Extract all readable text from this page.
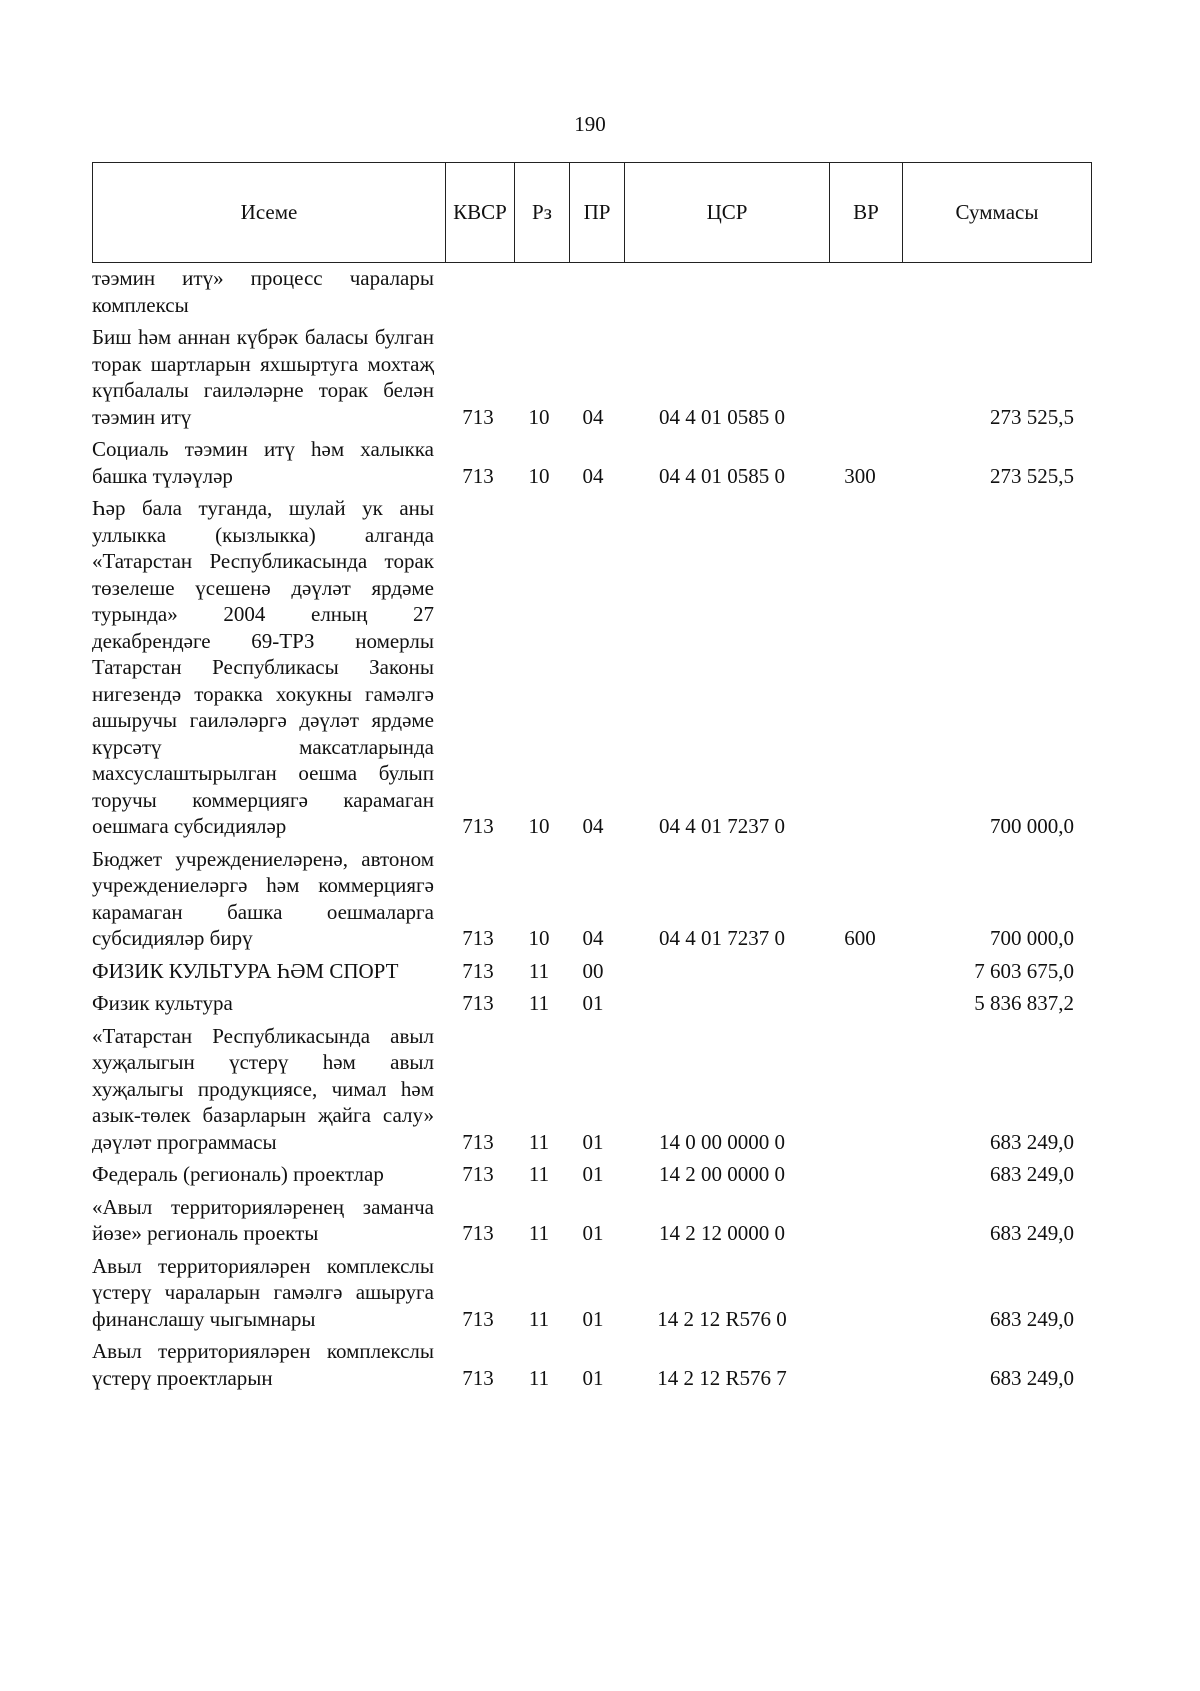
190
Исеме	КВСР	Рз	ПР	ЦСР	ВР	Суммасы
тәэмин итү» процесс чаралары комплексы						
Биш һәм аннан күбрәк баласы булган торак шартларын яхшыртуга мохтаҗ күпбалалы гаиләләрне торак белән тәэмин итү	713	10	04	04 4 01 0585 0		273 525,5
Социаль тәэмин итү һәм халыкка башка түләүләр	713	10	04	04 4 01 0585 0	300	273 525,5
Һәр бала туганда, шулай ук аны уллыкка (кызлыкка) алганда «Татарстан Республикасында торак төзелеше үсешенә дәүләт ярдәме турында» 2004 елның 27 декабрендәге 69-ТРЗ номерлы Татарстан Республикасы Законы нигезендә торакка хокукны гамәлгә ашыручы гаиләләргә дәүләт ярдәме күрсәтү максатларында махсуслаштырылган оешма булып торучы коммерциягә карамаган оешмага субсидияләр	713	10	04	04 4 01 7237 0		700 000,0
Бюджет учреждениеләренә, автоном учреждениеләргә һәм коммерциягә карамаган башка оешмаларга субсидияләр бирү	713	10	04	04 4 01 7237 0	600	700 000,0
ФИЗИК КУЛЬТУРА ҺӘМ СПОРТ	713	11	00			7 603 675,0
Физик культура	713	11	01			5 836 837,2
«Татарстан Республикасында авыл хуҗалыгын үстерү һәм авыл хуҗалыгы продукциясе, чимал һәм азык-төлек базарларын җайга салу» дәүләт программасы	713	11	01	14 0 00 0000 0		683 249,0
Федераль (региональ) проектлар	713	11	01	14 2 00 0000 0		683 249,0
«Авыл территорияләренең заманча йөзе» региональ проекты	713	11	01	14 2 12 0000 0		683 249,0
Авыл территорияләрен комплекслы үстерү чараларын гамәлгә ашыруга финанслашу чыгымнары	713	11	01	14 2 12 R576 0		683 249,0
Авыл территорияләрен комплекслы үстерү проектларын	713	11	01	14 2 12 R576 7		683 249,0
